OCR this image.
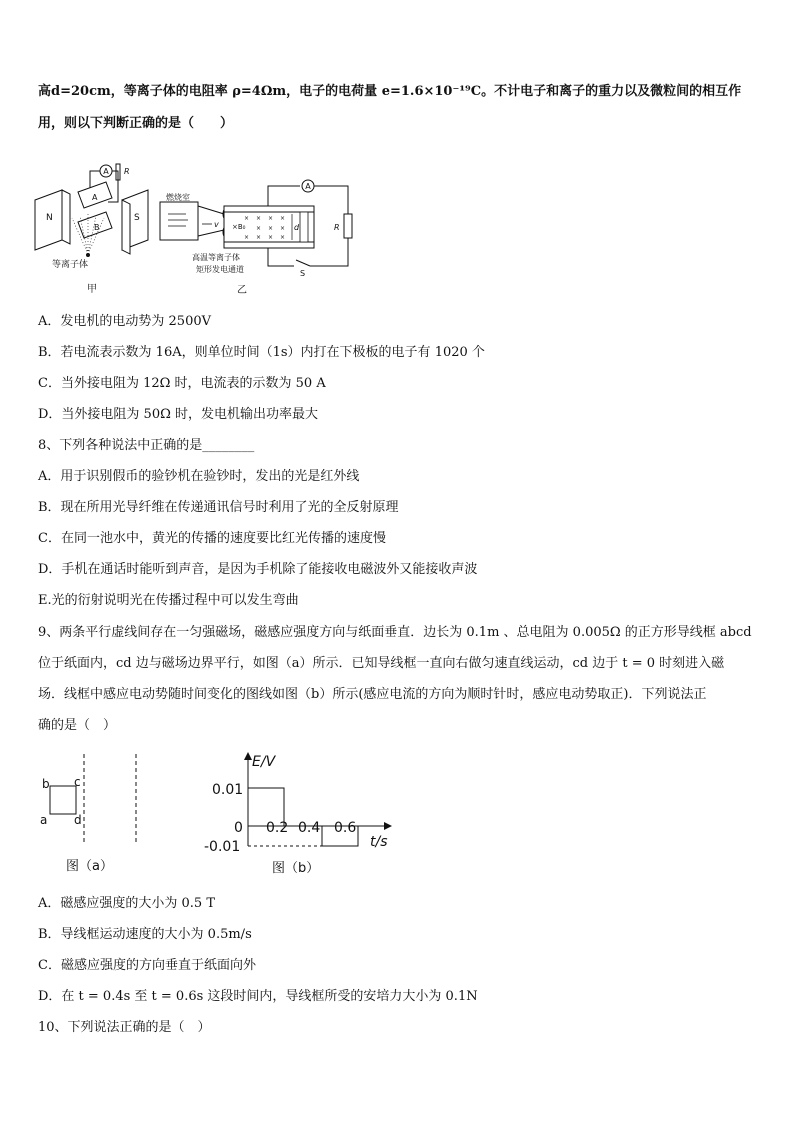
高d=20cm，等离子体的电阻率 ρ=4Ωm，电子的电荷量 e=1.6×10⁻¹⁹C。不计电子和离子的重力以及微粒间的相互作
用，则以下判断正确的是（　　）
A R
N	S
A
B
等离子体
甲
燃烧室
v
× × × ×
× × ×
× × × ×
×B₀	d
A
R
S
高温等离子体
矩形发电通道
乙
A．发电机的电动势为 2500V
B．若电流表示数为 16A，则单位时间（1s）内打在下极板的电子有 1020 个
C．当外接电阻为 12Ω 时，电流表的示数为 50 A
D．当外接电阻为 50Ω 时，发电机输出功率最大
8、下列各种说法中正确的是________
A．用于识别假币的验钞机在验钞时，发出的光是红外线
B．现在所用光导纤维在传递通讯信号时利用了光的全反射原理
C．在同一池水中，黄光的传播的速度要比红光传播的速度慢
D．手机在通话时能听到声音，是因为手机除了能接收电磁波外又能接收声波
E.光的衍射说明光在传播过程中可以发生弯曲
9、两条平行虚线间存在一匀强磁场，磁感应强度方向与纸面垂直．边长为 0.1m 、总电阻为 0.005Ω 的正方形导线框 abcd
位于纸面内，cd 边与磁场边界平行，如图（a）所示．已知导线框一直向右做匀速直线运动，cd 边于 t = 0 时刻进入磁
场．线框中感应电动势随时间变化的图线如图（b）所示(感应电流的方向为顺时针时，感应电动势取正)．下列说法正
确的是（　）
b c
a d
图（a）
E/V
t/s
0
0.01
-0.01
0.2 0.4 0.6
图（b）
A．磁感应强度的大小为 0.5 T
B．导线框运动速度的大小为 0.5m/s
C．磁感应强度的方向垂直于纸面向外
D．在 t = 0.4s 至 t = 0.6s 这段时间内，导线框所受的安培力大小为 0.1N
10、下列说法正确的是（　）
